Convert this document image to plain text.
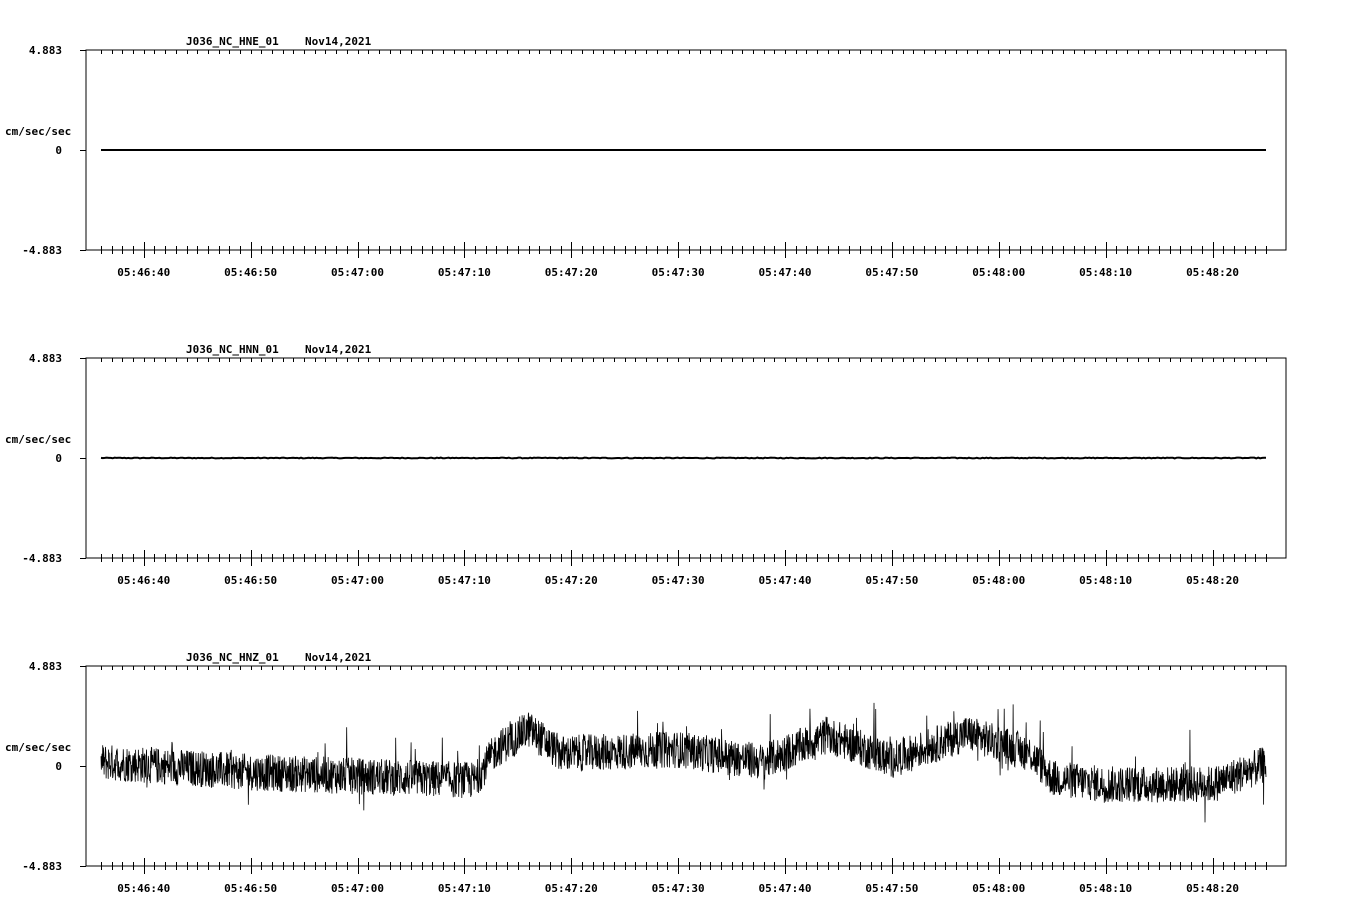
4.883
0
-4.883
cm/sec/sec
J036_NC_HNE_01 Nov14,2021
05:46:40	05:46:50	05:47:00	05:47:10	05:47:20	05:47:30	05:47:40	05:47:50	05:48:00	05:48:10	05:48:20
4.883
0
-4.883
cm/sec/sec
J036_NC_HNN_01 Nov14,2021
05:46:40	05:46:50	05:47:00	05:47:10	05:47:20	05:47:30	05:47:40	05:47:50	05:48:00	05:48:10	05:48:20
4.883
0
-4.883
cm/sec/sec
J036_NC_HNZ_01 Nov14,2021
05:46:40	05:46:50	05:47:00	05:47:10	05:47:20	05:47:30	05:47:40	05:47:50	05:48:00	05:48:10	05:48:20
